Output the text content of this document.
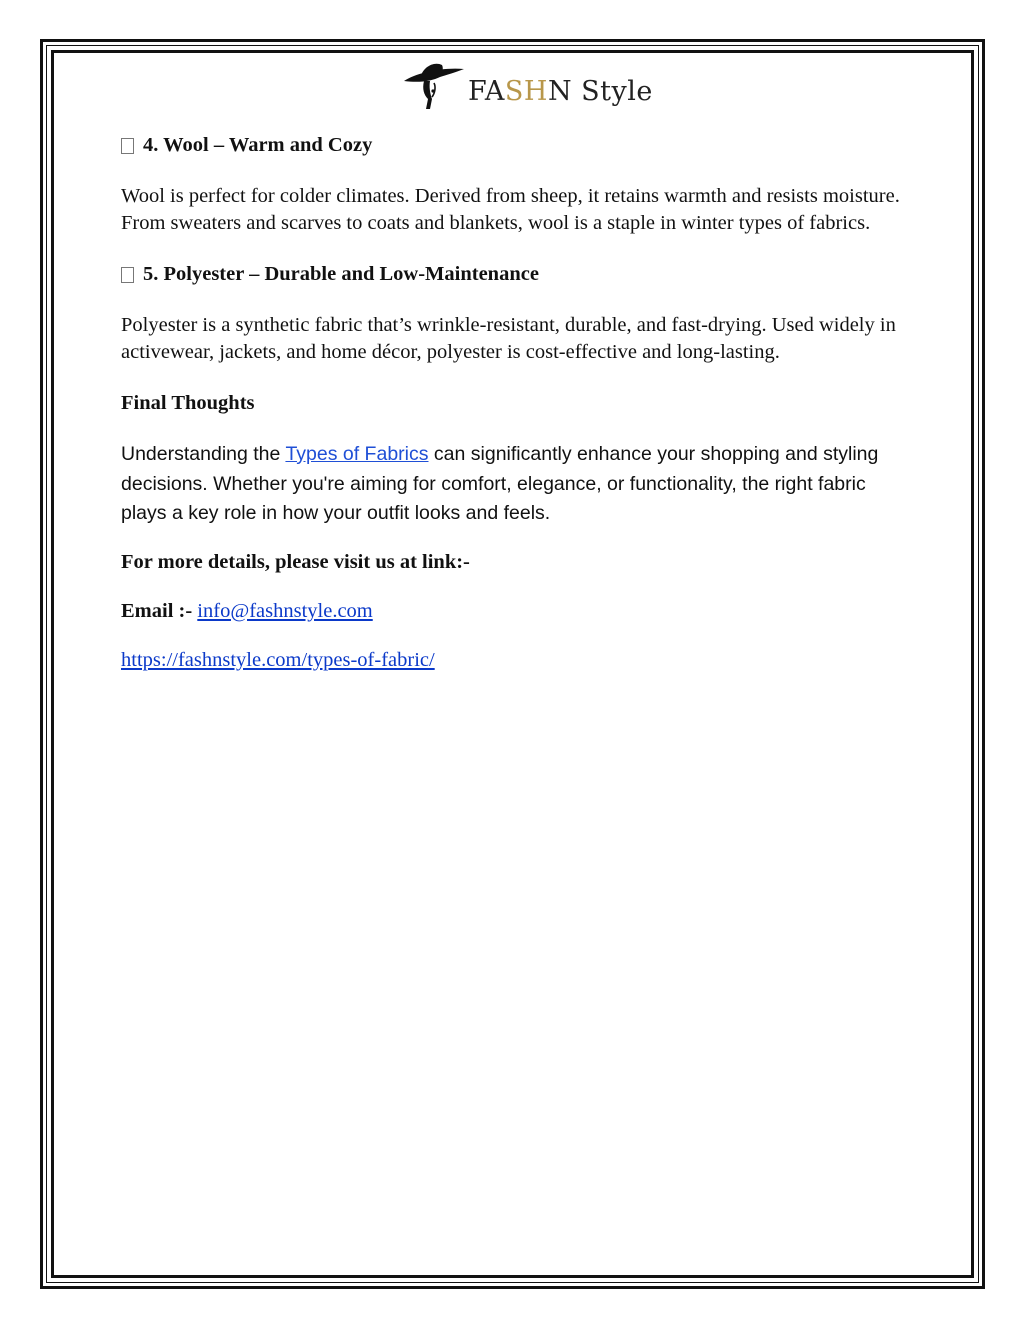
FASHN Style

4. Wool – Warm and Cozy

Wool is perfect for colder climates. Derived from sheep, it retains warmth and resists moisture. From sweaters and scarves to coats and blankets, wool is a staple in winter types of fabrics.

5. Polyester – Durable and Low-Maintenance

Polyester is a synthetic fabric that’s wrinkle-resistant, durable, and fast-drying. Used widely in activewear, jackets, and home décor, polyester is cost-effective and long-lasting.

Final Thoughts

Understanding the Types of Fabrics can significantly enhance your shopping and styling decisions. Whether you're aiming for comfort, elegance, or functionality, the right fabric plays a key role in how your outfit looks and feels.

For more details, please visit us at link:-

Email :- info@fashnstyle.com

https://fashnstyle.com/types-of-fabric/
